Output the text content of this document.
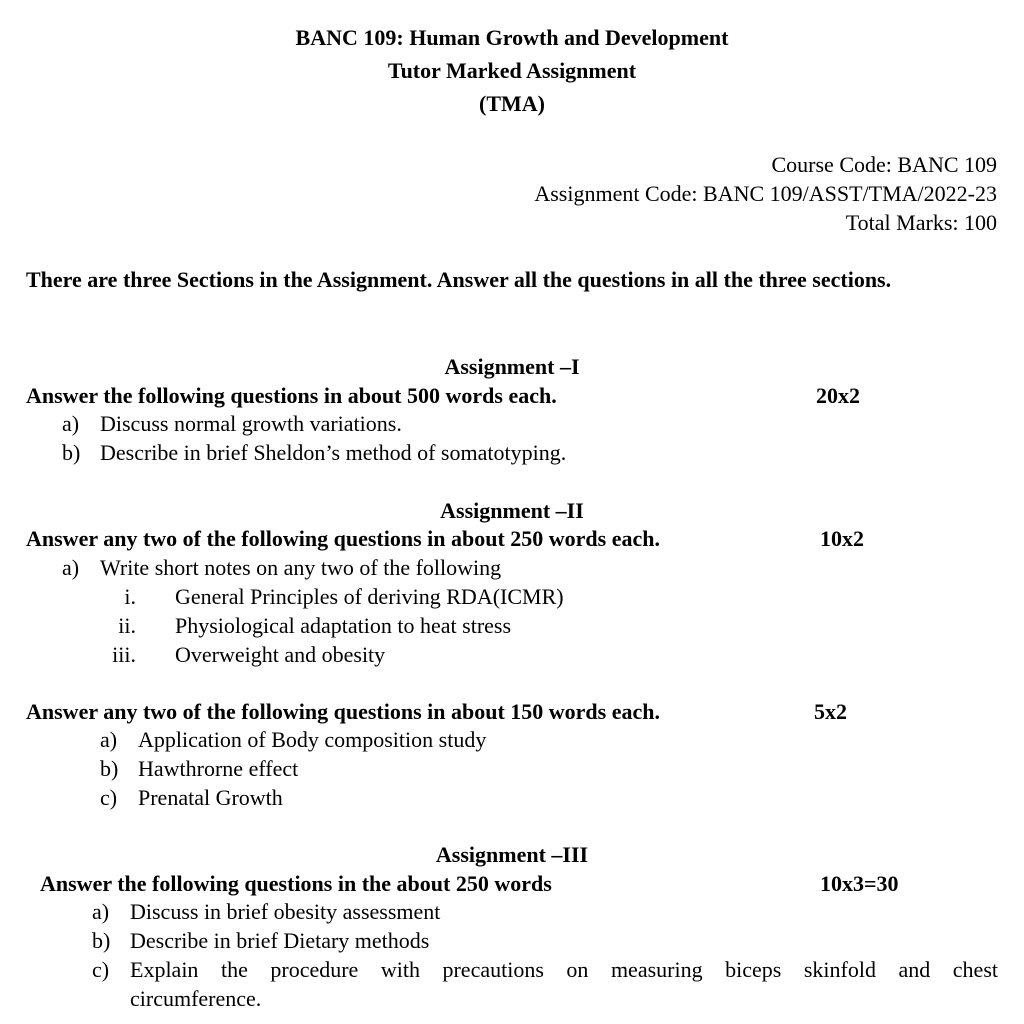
BANC 109: Human Growth and Development
Tutor Marked Assignment
(TMA)
Course Code: BANC 109
Assignment Code: BANC 109/ASST/TMA/2022-23
Total Marks: 100
There are three Sections in the Assignment. Answer all the questions in all the three sections.
Assignment –I
Answer the following questions in about 500 words each.	20x2
a) Discuss normal growth variations.
b) Describe in brief Sheldon’s method of somatotyping.
Assignment –II
Answer any two of the following questions in about 250 words each.	10x2
a) Write short notes on any two of the following
i. General Principles of deriving RDA(ICMR)
ii. Physiological adaptation to heat stress
iii. Overweight and obesity
Answer any two of the following questions in about 150 words each.	5x2
a) Application of Body composition study
b) Hawthrorne effect
c) Prenatal Growth
Assignment –III
Answer the following questions in the about 250 words	10x3=30
a) Discuss in brief obesity assessment
b) Describe in brief Dietary methods
c) Explain the procedure with precautions on measuring biceps skinfold and chest
circumference.
